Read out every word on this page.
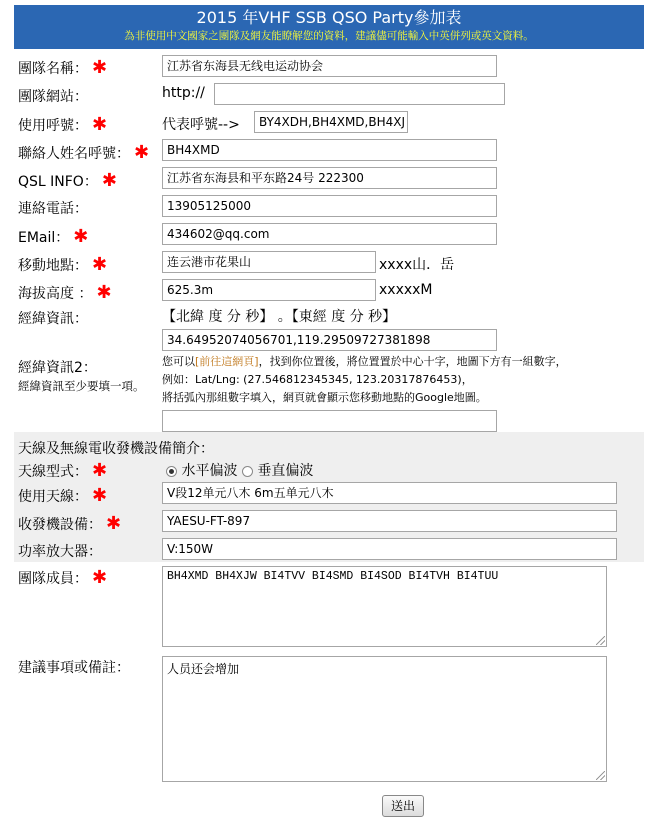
2015 年VHF SSB QSO Party參加表
為非使用中文國家之團隊及網友能瞭解您的資料，建議儘可能輸入中英併列或英文資料。
團隊名稱： ✱	江苏省东海县无线电运动协会
團隊網站：	http://
使用呼號： ✱	代表呼號-->	BY4XDH,BH4XMD,BH4XJ
聯絡人姓名呼號： ✱	BH4XMD
QSL INFO： ✱	江苏省东海县和平东路24号 222300
連絡電話：	13905125000
EMail： ✱	434602@qq.com
移動地點： ✱	连云港市花果山	xxxx山．岳
海拔高度 ： ✱	625.3m	xxxxxM
經緯資訊：	【北緯 度 分 秒】 。【東經 度 分 秒】
34.64952074056701,119.29509727381898
經緯資訊2：
經緯資訊至少要填一項。
您可以[前往這網頁]，找到你位置後，將位置置於中心十字，地圖下方有一組數字，
例如：Lat/Lng: (27.546812345345, 123.20317876453)，
將括弧內那組數字填入，網頁就會顯示您移動地點的Google地圖。
天線及無線電收發機設備簡介：
天線型式： ✱	水平偏波 垂直偏波
使用天線： ✱	V段12单元八木 6m五单元八木
收發機設備： ✱	YAESU-FT-897
功率放大器：	V:150W
團隊成員： ✱	BH4XMD BH4XJW BI4TVV BI4SMD BI4SOD BI4TVH BI4TUU
建議事項或備註：	人员还会增加
送出
